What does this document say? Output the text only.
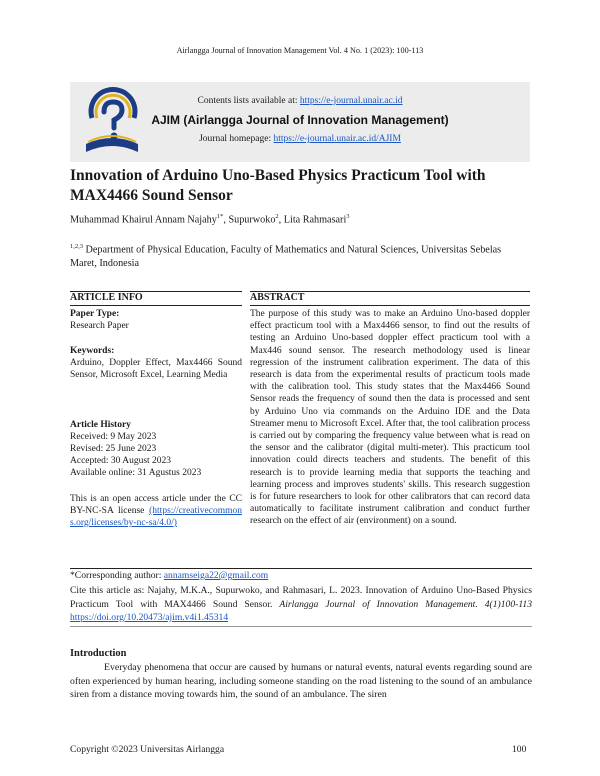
Airlangga Journal of Innovation Management Vol. 4 No. 1 (2023): 100-113
Contents lists available at: https://e-journal.unair.ac.id
AJIM (Airlangga Journal of Innovation Management)
Journal homepage: https://e-journal.unair.ac.id/AJIM
Innovation of Arduino Uno-Based Physics Practicum Tool with MAX4466 Sound Sensor
Muhammad Khairul Annam Najahy$^{1*}$, Supurwoko$^2$, Lita Rahmasari$^3$
$^{1,2,3}$ Department of Physical Education, Faculty of Mathematics and Natural Sciences, Universitas Sebelas Maret, Indonesia
ARTICLE INFO	ABSTRACT
Paper Type:
Research Paper
Keywords:
Arduino, Doppler Effect, Max4466 Sound Sensor, Microsoft Excel, Learning Media
Article History
Received: 9 May 2023
Revised: 25 June 2023
Accepted: 30 August 2023
Available online: 31 Agustus 2023
This is an open access article under the CC BY-NC-SA license (https://creativecommons.org/licenses/by-nc-sa/4.0/)
The purpose of this study was to make an Arduino Uno-based doppler effect practicum tool with a Max4466 sensor, to find out the results of testing an Arduino Uno-based doppler effect practicum tool with a Max446 sound sensor. The research methodology used is linear regression of the instrument calibration experiment. The data of this research is data from the experimental results of practicum tools made with the calibration tool. This study states that the Max4466 Sound Sensor reads the frequency of sound then the data is processed and sent by Arduino Uno via commands on the Arduino IDE and the Data Streamer menu to Microsoft Excel. After that, the tool calibration process is carried out by comparing the frequency value between what is read on the sensor and the calibrator (digital multi-meter). This practicum tool innovation could directs teachers and students. The benefit of this research is to provide learning media that supports the teaching and learning process and improves students' skills. This research suggestion is for future researchers to look for other calibrators that can record data automatically to facilitate instrument calibration and conduct further research on the effect of air (environment) on a sound.
*Corresponding author: annamseiga22@gmail.com
Cite this article as: Najahy, M.K.A., Supurwoko, and Rahmasari, L. 2023. Innovation of Arduino Uno-Based Physics Practicum Tool with MAX4466 Sound Sensor. Airlangga Journal of Innovation Management. 4(1)100-113 https://doi.org/10.20473/ajim.v4i1.45314
Introduction
Everyday phenomena that occur are caused by humans or natural events, natural events regarding sound are often experienced by human hearing, including someone standing on the road listening to the sound of an ambulance siren from a distance moving towards him, the sound of an ambulance. The siren
Copyright ©2023 Universitas Airlangga	100
